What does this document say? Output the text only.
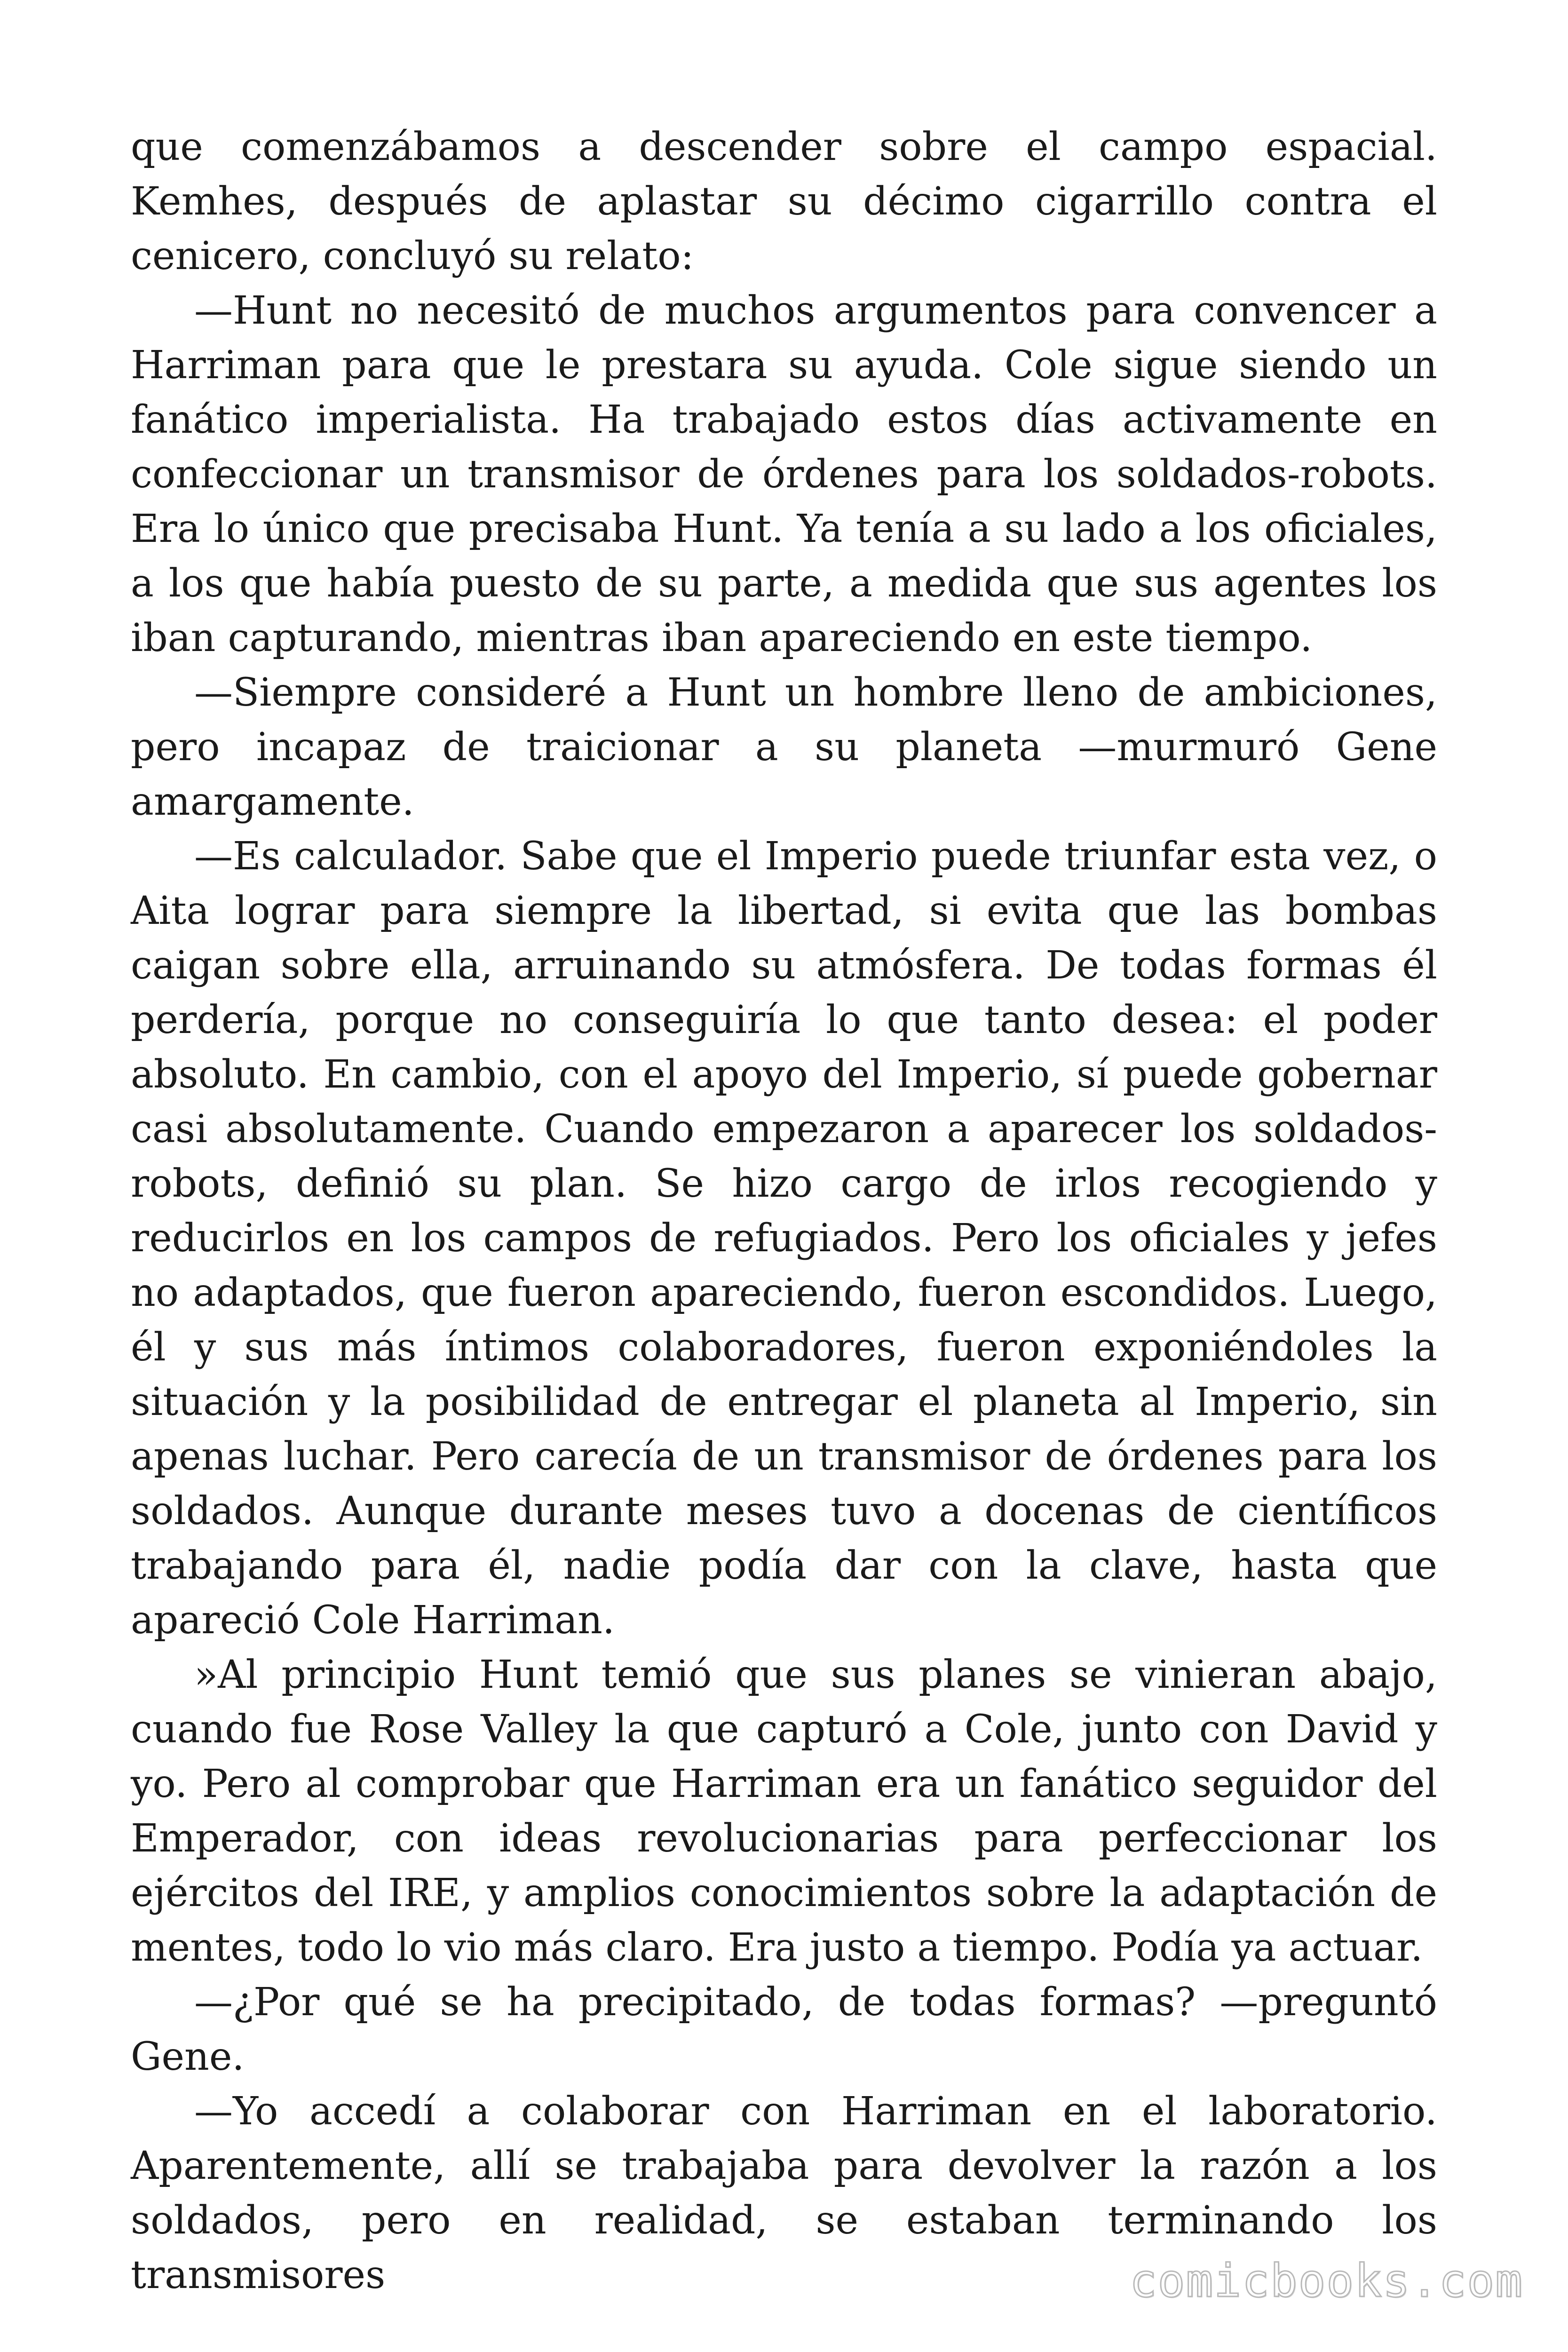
que comenzábamos a descender sobre el campo espacial. Kemhes, después de aplastar su décimo cigarrillo contra el cenicero, concluyó su relato:

—Hunt no necesitó de muchos argumentos para convencer a Harriman para que le prestara su ayuda. Cole sigue siendo un fanático imperialista. Ha trabajado estos días activamente en confeccionar un transmisor de órdenes para los soldados-robots. Era lo único que precisaba Hunt. Ya tenía a su lado a los oficiales, a los que había puesto de su parte, a medida que sus agentes los iban capturando, mientras iban apareciendo en este tiempo.

—Siempre consideré a Hunt un hombre lleno de ambiciones, pero incapaz de traicionar a su planeta —murmuró Gene amargamente.

—Es calculador. Sabe que el Imperio puede triunfar esta vez, o Aita lograr para siempre la libertad, si evita que las bombas caigan sobre ella, arruinando su atmósfera. De todas formas él perdería, porque no conseguiría lo que tanto desea: el poder absoluto. En cambio, con el apoyo del Imperio, sí puede gobernar casi absolutamente. Cuando empezaron a aparecer los soldados-robots, definió su plan. Se hizo cargo de irlos recogiendo y reducirlos en los campos de refugiados. Pero los oficiales y jefes no adaptados, que fueron apareciendo, fueron escondidos. Luego, él y sus más íntimos colaboradores, fueron exponiéndoles la situación y la posibilidad de entregar el planeta al Imperio, sin apenas luchar. Pero carecía de un transmisor de órdenes para los soldados. Aunque durante meses tuvo a docenas de científicos trabajando para él, nadie podía dar con la clave, hasta que apareció Cole Harriman.

»Al principio Hunt temió que sus planes se vinieran abajo, cuando fue Rose Valley la que capturó a Cole, junto con David y yo. Pero al comprobar que Harriman era un fanático seguidor del Emperador, con ideas revolucionarias para perfeccionar los ejércitos del IRE, y amplios conocimientos sobre la adaptación de mentes, todo lo vio más claro. Era justo a tiempo. Podía ya actuar.

—¿Por qué se ha precipitado, de todas formas? —preguntó Gene.

—Yo accedí a colaborar con Harriman en el laboratorio. Aparentemente, allí se trabajaba para devolver la razón a los soldados, pero en realidad, se estaban terminando los transmisores	comicbooks.com
